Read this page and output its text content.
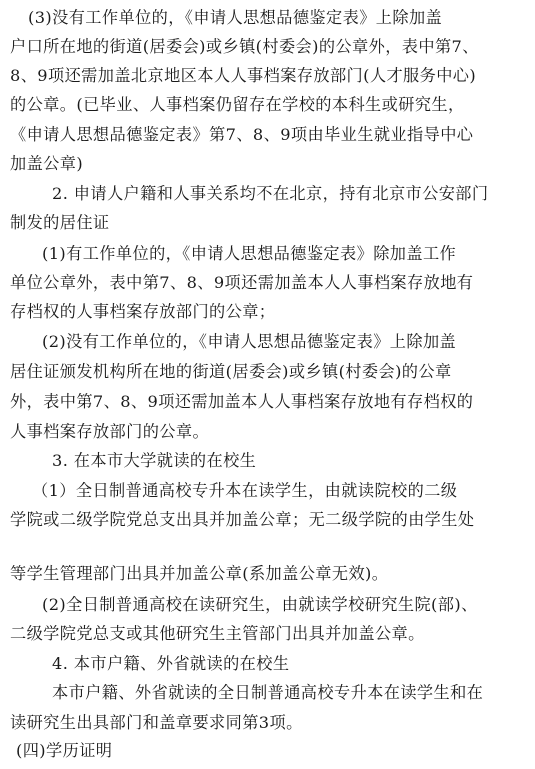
(3)没有工作单位的，《申请人思想品德鉴定表》上除加盖
户口所在地的街道(居委会)或乡镇(村委会)的公章外，表中第7、
8、9项还需加盖北京地区本人人事档案存放部门(人才服务中心)
的公章。(已毕业、人事档案仍留存在学校的本科生或研究生，
《申请人思想品德鉴定表》第7、8、9项由毕业生就业指导中心
加盖公章)
2. 申请人户籍和人事关系均不在北京，持有北京市公安部门
制发的居住证
(1)有工作单位的，《申请人思想品德鉴定表》除加盖工作
单位公章外，表中第7、8、9项还需加盖本人人事档案存放地有
存档权的人事档案存放部门的公章；
(2)没有工作单位的，《申请人思想品德鉴定表》上除加盖
居住证颁发机构所在地的街道(居委会)或乡镇(村委会)的公章
外，表中第7、8、9项还需加盖本人人事档案存放地有存档权的
人事档案存放部门的公章。
3. 在本市大学就读的在校生
（1）全日制普通高校专升本在读学生，由就读院校的二级
学院或二级学院党总支出具并加盖公章；无二级学院的由学生处
等学生管理部门出具并加盖公章(系加盖公章无效)。
(2)全日制普通高校在读研究生，由就读学校研究生院(部)、
二级学院党总支或其他研究生主管部门出具并加盖公章。
4. 本市户籍、外省就读的在校生
本市户籍、外省就读的全日制普通高校专升本在读学生和在
读研究生出具部门和盖章要求同第3项。
(四)学历证明
